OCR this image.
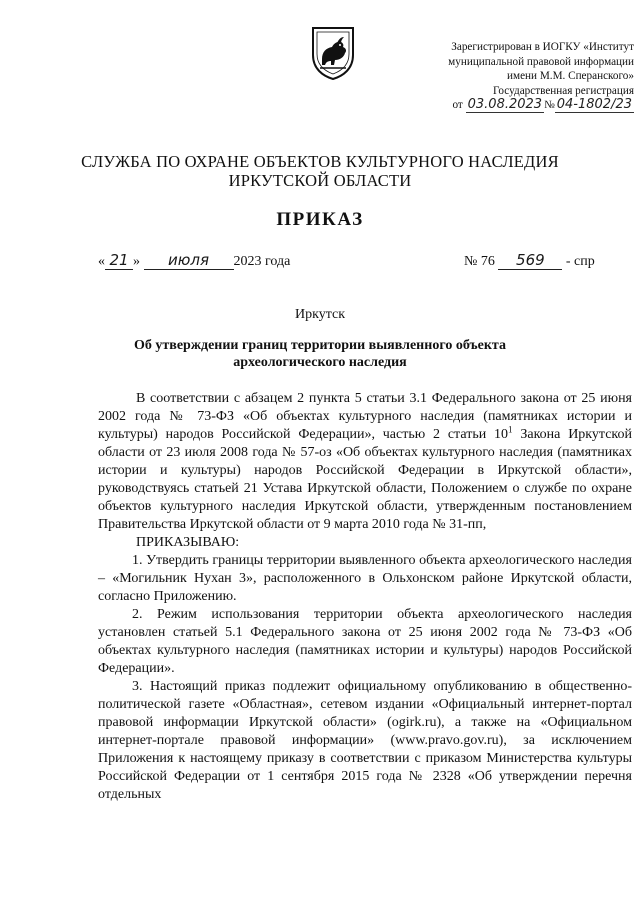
Зарегистрирован в ИОГКУ «Институт
муниципальной правовой информации
имени М.М. Сперанского»
Государственная регистрация
от 03.08.2023 № 04-1802/23
СЛУЖБА ПО ОХРАНЕ ОБЪЕКТОВ КУЛЬТУРНОГО НАСЛЕДИЯ
ИРКУТСКОЙ ОБЛАСТИ
ПРИКАЗ
« 21 » июля 2023 года	№ 76 569 - спр
Иркутск
Об утверждении границ территории выявленного объекта
археологического наследия

В соответствии с абзацем 2 пункта 5 статьи 3.1 Федерального закона от 25 июня 2002 года № 73-ФЗ «Об объектах культурного наследия (памятниках истории и культуры) народов Российской Федерации», частью 2 статьи $10^1$ Закона Иркутской области от 23 июля 2008 года № 57-оз «Об объектах культурного наследия (памятниках истории и культуры) народов Российской Федерации в Иркутской области», руководствуясь статьей 21 Устава Иркутской области, Положением о службе по охране объектов культурного наследия Иркутской области, утвержденным постановлением Правительства Иркутской области от 9 марта 2010 года № 31-пп,

ПРИКАЗЫВАЮ:

1. Утвердить границы территории выявленного объекта археологического наследия – «Могильник Нухан 3», расположенного в Ольхонском районе Иркутской области, согласно Приложению.

2. Режим использования территории объекта археологического наследия установлен статьей 5.1 Федерального закона от 25 июня 2002 года № 73-ФЗ «Об объектах культурного наследия (памятниках истории и культуры) народов Российской Федерации».

3. Настоящий приказ подлежит официальному опубликованию в общественно-политической газете «Областная», сетевом издании «Официальный интернет-портал правовой информации Иркутской области» (ogirk.ru), а также на «Официальном интернет-портале правовой информации» (www.pravo.gov.ru), за исключением Приложения к настоящему приказу в соответствии с приказом Министерства культуры Российской Федерации от 1 сентября 2015 года № 2328 «Об утверждении перечня отдельных
